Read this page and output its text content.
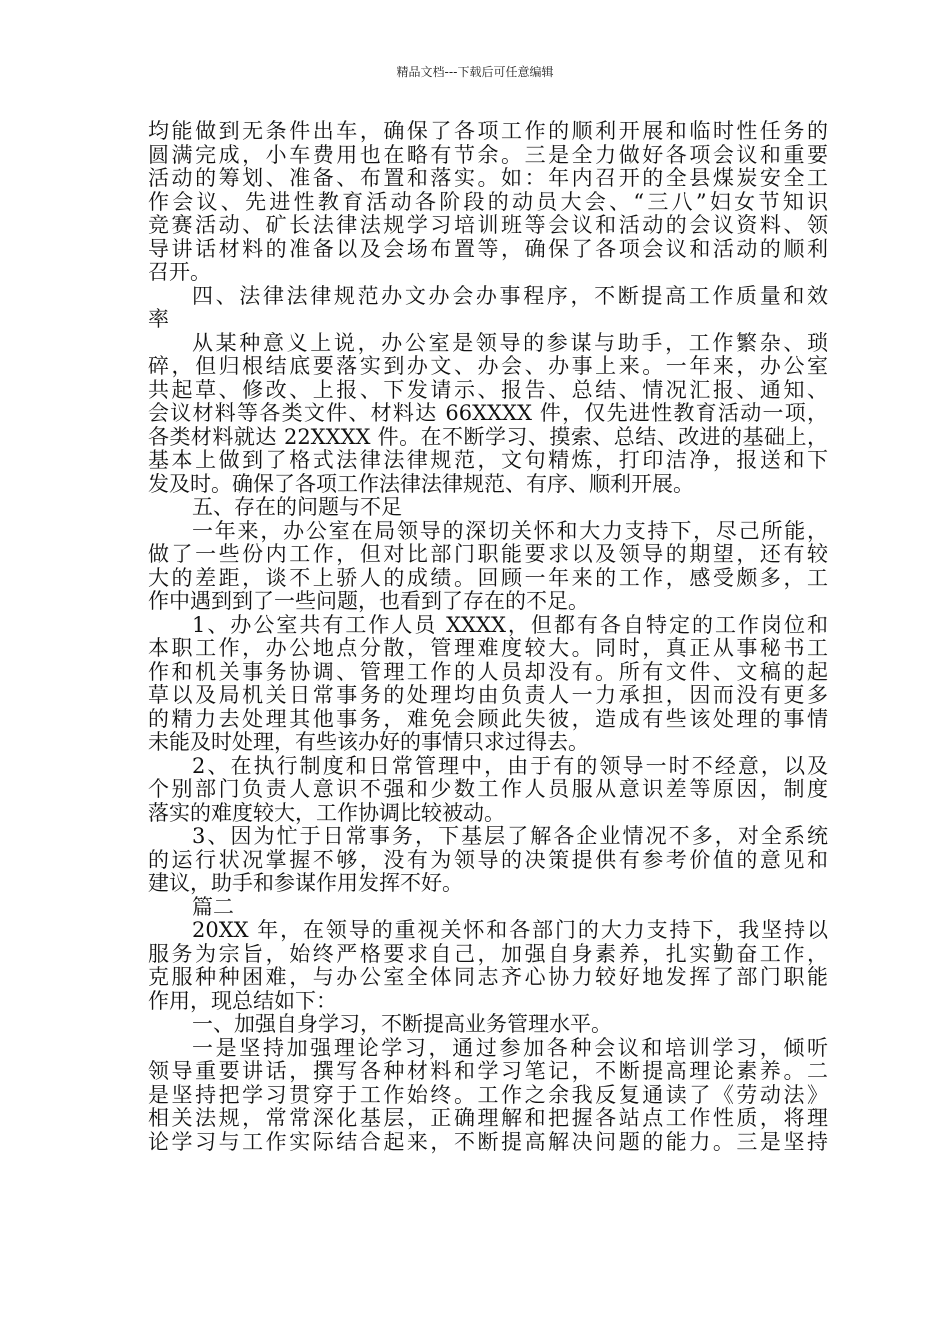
精品文档---下载后可任意编辑
均能做到无条件出车，确保了各项工作的顺利开展和临时性任务的
圆满完成，小车费用也在略有节余。三是全力做好各项会议和重要
活动的筹划、准备、布置和落实。如：年内召开的全县煤炭安全工
作会议、先进性教育活动各阶段的动员大会、“三八”妇女节知识
竞赛活动、矿长法律法规学习培训班等会议和活动的会议资料、领
导讲话材料的准备以及会场布置等，确保了各项会议和活动的顺利
召开。
四、法律法律规范办文办会办事程序，不断提高工作质量和效
率
从某种意义上说，办公室是领导的参谋与助手，工作繁杂、琐
碎，但归根结底要落实到办文、办会、办事上来。一年来，办公室
共起草、修改、上报、下发请示、报告、总结、情况汇报、通知、
会议材料等各类文件、材料达 66XXXX 件，仅先进性教育活动一项，
各类材料就达 22XXXX 件。在不断学习、摸索、总结、改进的基础上，
基本上做到了格式法律法律规范，文句精炼，打印洁净，报送和下
发及时。确保了各项工作法律法律规范、有序、顺利开展。
五、存在的问题与不足
一年来，办公室在局领导的深切关怀和大力支持下，尽己所能，
做了一些份内工作，但对比部门职能要求以及领导的期望，还有较
大的差距，谈不上骄人的成绩。回顾一年来的工作，感受颇多，工
作中遇到到了一些问题，也看到了存在的不足。
1、办公室共有工作人员 XXXX，但都有各自特定的工作岗位和
本职工作，办公地点分散，管理难度较大。同时，真正从事秘书工
作和机关事务协调、管理工作的人员却没有。所有文件、文稿的起
草以及局机关日常事务的处理均由负责人一力承担，因而没有更多
的精力去处理其他事务，难免会顾此失彼，造成有些该处理的事情
未能及时处理，有些该办好的事情只求过得去。
2、在执行制度和日常管理中，由于有的领导一时不经意，以及
个别部门负责人意识不强和少数工作人员服从意识差等原因，制度
落实的难度较大，工作协调比较被动。
3、因为忙于日常事务，下基层了解各企业情况不多，对全系统
的运行状况掌握不够，没有为领导的决策提供有参考价值的意见和
建议，助手和参谋作用发挥不好。
篇二
20XX 年，在领导的重视关怀和各部门的大力支持下，我坚持以
服务为宗旨，始终严格要求自己，加强自身素养，扎实勤奋工作，
克服种种困难，与办公室全体同志齐心协力较好地发挥了部门职能
作用，现总结如下：
一、加强自身学习，不断提高业务管理水平。
一是坚持加强理论学习，通过参加各种会议和培训学习，倾听
领导重要讲话，撰写各种材料和学习笔记，不断提高理论素养。二
是坚持把学习贯穿于工作始终。工作之余我反复通读了《劳动法》
相关法规，常常深化基层，正确理解和把握各站点工作性质，将理
论学习与工作实际结合起来，不断提高解决问题的能力。三是坚持
